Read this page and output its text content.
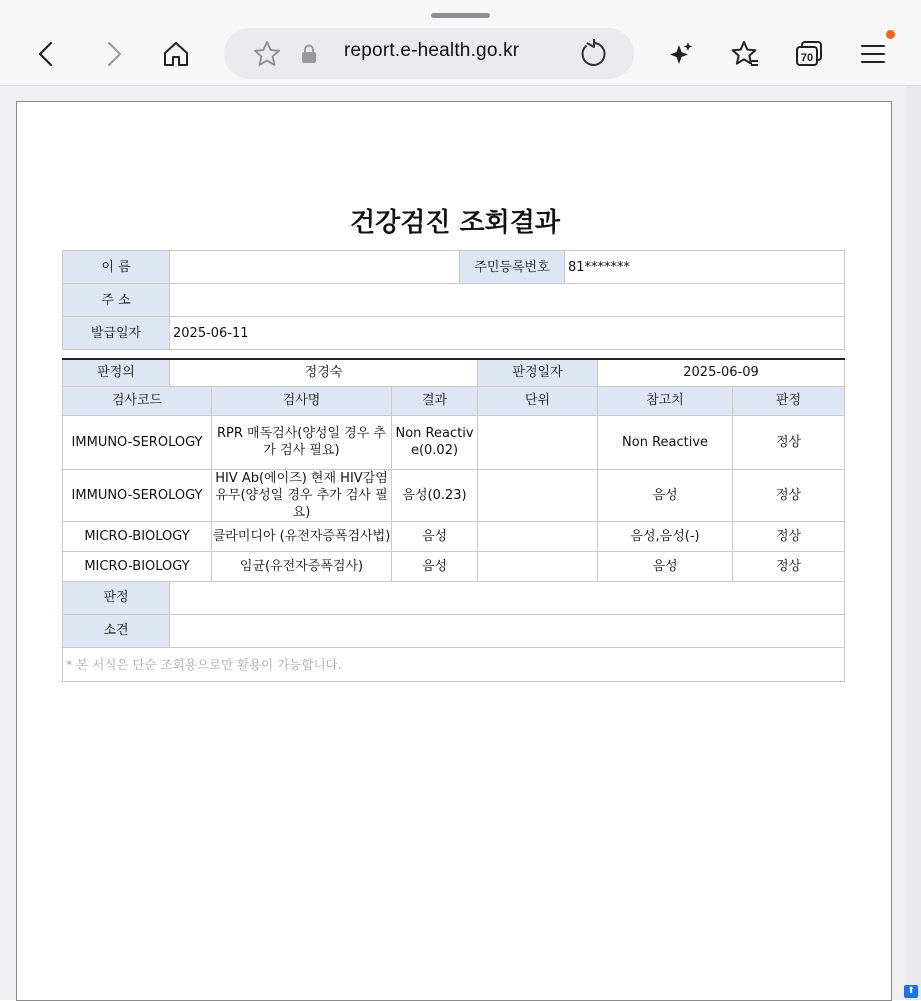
report.e-health.go.kr	70
건강검진 조회결과
이 름		주민등록번호	81*******
주 소			
발급일자	2025-06-11		
판정의	정경숙			판정일자	2025-06-09	
검사코드		검사명	결과	단위	참고치	판정
IMMUNO-SEROLOGY		RPR 매독검사(양성일 경우 추가 검사 필요)	Non Reactive(0.02)		Non Reactive	정상
IMMUNO-SEROLOGY		HIV Ab(에이즈) 현재 HIV감염 유무(양성일 경우 추가 검사 필요)	음성(0.23)		음성	정상
MICRO-BIOLOGY		클라미디아 (유전자증폭검사법)	음성		음성,음성(-)	정상
MICRO-BIOLOGY		임균(유전자증폭검사)	음성		음성	정상
판정						
소견						
* 본 서식은 단순 조회용으로만 활용이 가능합니다.						
⬆
